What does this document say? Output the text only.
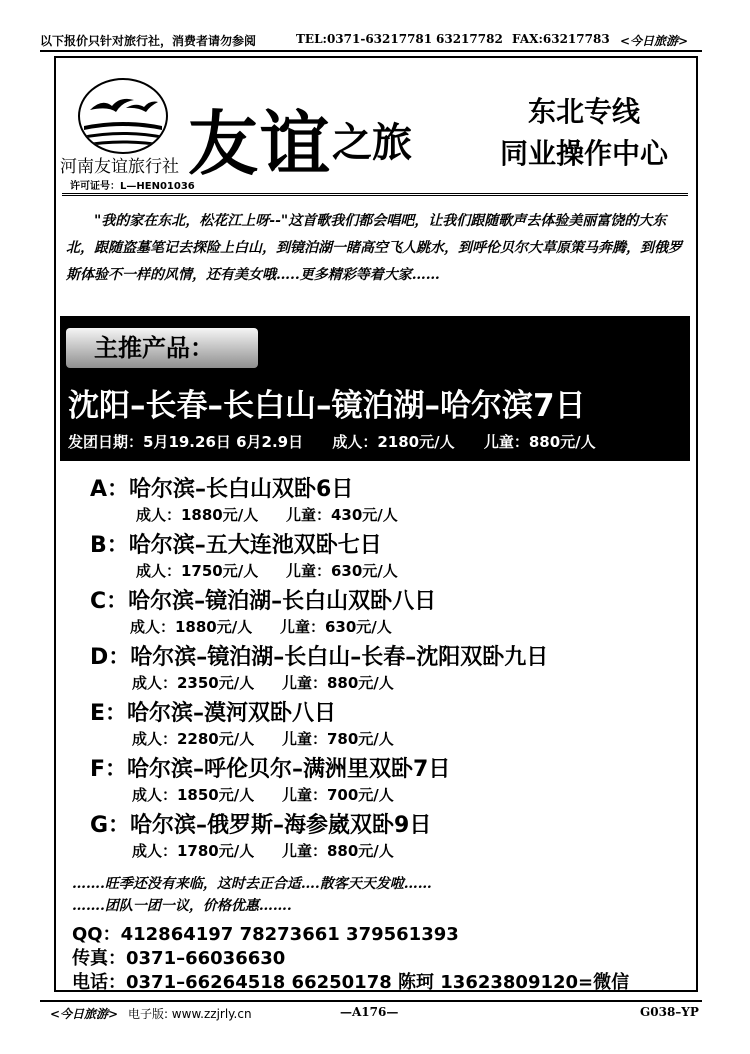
以下报价只针对旅行社，消费者请勿参阅	TEL:0371-63217781 63217782 FAX:63217783 <今日旅游>
河南友谊旅行社
许可证号：L—HEN01036
友谊之旅
东北专线
同业操作中心

"我的家在东北，松花江上呀--"这首歌我们都会唱吧，让我们跟随歌声去体验美丽富饶的大东北，跟随盗墓笔记去探险上白山，到镜泊湖一睹高空飞人跳水，到呼伦贝尔大草原策马奔腾，到俄罗斯体验不一样的风情，还有美女哦…..更多精彩等着大家……

主推产品：
沈阳–长春–长白山–镜泊湖–哈尔滨7日
发团日期：5月19.26日 6月2.9日 成人：2180元/人 儿童：880元/人
A：哈尔滨–长白山双卧6日
成人：1880元/人 儿童：430元/人
B：哈尔滨–五大连池双卧七日
成人：1750元/人 儿童：630元/人
C：哈尔滨–镜泊湖–长白山双卧八日
成人：1880元/人 儿童：630元/人
D：哈尔滨–镜泊湖–长白山–长春–沈阳双卧九日
成人：2350元/人 儿童：880元/人
E：哈尔滨–漠河双卧八日
成人：2280元/人 儿童：780元/人
F：哈尔滨–呼伦贝尔–满洲里双卧7日
成人：1850元/人 儿童：700元/人
G：哈尔滨–俄罗斯–海参崴双卧9日
成人：1780元/人 儿童：880元/人
…….旺季还没有来临，这时去正合适….散客天天发啦……
…….团队一团一议，价格优惠…….
QQ：412864197 78273661 379561393
传真：0371–66036630
电话：0371–66264518 66250178 陈珂 13623809120=微信
<今日旅游> 电子版: www.zzjrly.cn	—A176—	G038–YP
